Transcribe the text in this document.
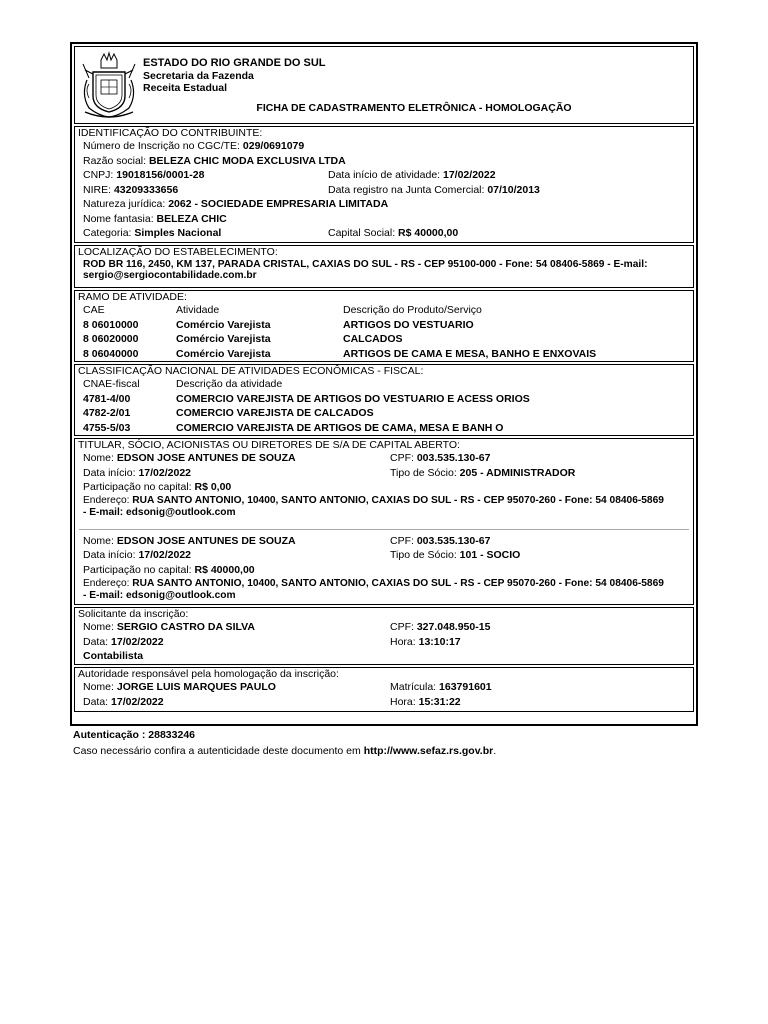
ESTADO DO RIO GRANDE DO SUL
Secretaria da Fazenda
Receita Estadual
FICHA DE CADASTRAMENTO ELETRÔNICA - HOMOLOGAÇÃO
IDENTIFICAÇÃO DO CONTRIBUINTE:
Número de Inscrição no CGC/TE:
029/0691079
Razão social:
BELEZA CHIC MODA EXCLUSIVA LTDA
CNPJ: 19018156/0001-28	Data início de atividade: 17/02/2022
NIRE: 43209333656	Data registro na Junta Comercial: 07/10/2013
Natureza jurídica:
2062 - SOCIEDADE EMPRESARIA LIMITADA
Nome fantasia:
BELEZA CHIC
Categoria: Simples Nacional	Capital Social: R$ 40000,00
LOCALIZAÇÃO DO ESTABELECIMENTO:
ROD BR 116, 2450, KM 137, PARADA CRISTAL, CAXIAS DO SUL - RS - CEP 95100-000 - Fone: 54 08406-5869 - E-mail:
sergio@sergiocontabilidade.com.br
RAMO DE ATIVIDADE:
CAE	Atividade	Descrição do Produto/Serviço
8 06010000	Comércio Varejista	ARTIGOS DO VESTUARIO
8 06020000	Comércio Varejista	CALCADOS
8 06040000	Comércio Varejista	ARTIGOS DE CAMA E MESA, BANHO E ENXOVAIS
CLASSIFICAÇÃO NACIONAL DE ATIVIDADES ECONÔMICAS - FISCAL:
CNAE-fiscal	Descrição da atividade
4781-4/00	COMERCIO VAREJISTA DE ARTIGOS DO VESTUARIO E ACESS ORIOS
4782-2/01	COMERCIO VAREJISTA DE CALCADOS
4755-5/03	COMERCIO VAREJISTA DE ARTIGOS DE CAMA, MESA E BANH O
TITULAR, SÓCIO, ACIONISTAS OU DIRETORES DE S/A DE CAPITAL ABERTO:
Nome: EDSON JOSE ANTUNES DE SOUZA	CPF: 003.535.130-67
Data início: 17/02/2022	Tipo de Sócio: 205 - ADMINISTRADOR
Participação no capital:
R$ 0,00
Endereço: RUA SANTO ANTONIO, 10400, SANTO ANTONIO, CAXIAS DO SUL - RS - CEP 95070-260 - Fone: 54 08406-5869
- E-mail: edsonig@outlook.com
Nome: EDSON JOSE ANTUNES DE SOUZA	CPF: 003.535.130-67
Data início: 17/02/2022	Tipo de Sócio: 101 - SOCIO
Participação no capital:
R$ 40000,00
Endereço: RUA SANTO ANTONIO, 10400, SANTO ANTONIO, CAXIAS DO SUL - RS - CEP 95070-260 - Fone: 54 08406-5869
- E-mail: edsonig@outlook.com
Solicitante da inscrição:
Nome: SERGIO CASTRO DA SILVA	CPF: 327.048.950-15
Data: 17/02/2022	Hora: 13:10:17
Contabilista
Autoridade responsável pela homologação da inscrição:
Nome: JORGE LUIS MARQUES PAULO	Matrícula: 163791601
Data: 17/02/2022	Hora: 15:31:22
Autenticação : 28833246
Caso necessário confira a autenticidade deste documento em http://www.sefaz.rs.gov.br.
